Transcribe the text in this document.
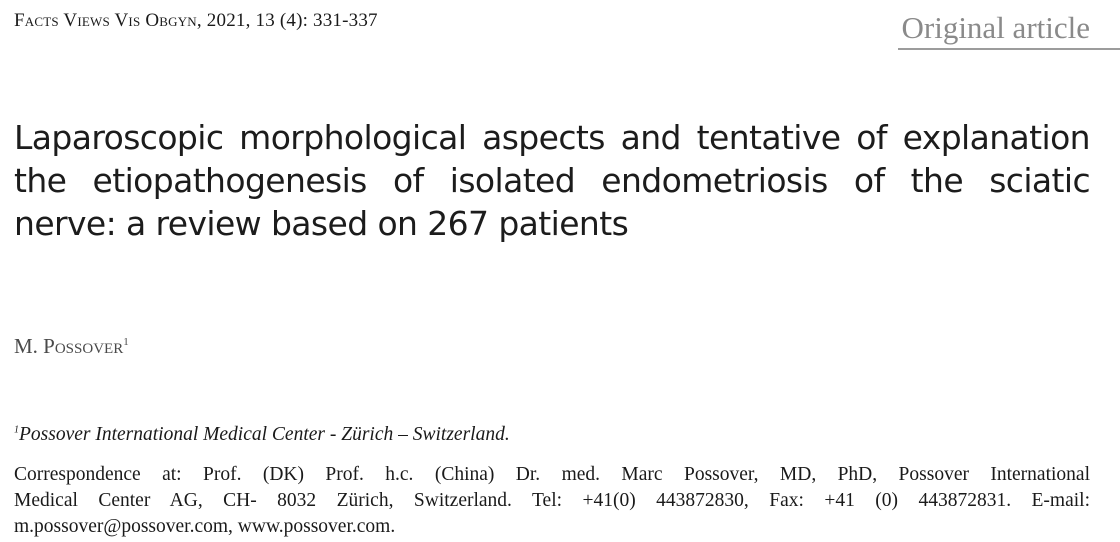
Facts Views Vis Obgyn, 2021, 13 (4): 331-337	Original article
Laparoscopic morphological aspects and tentative of explanation
the etiopathogenesis of isolated endometriosis of the sciatic
nerve: a review based on 267 patients
M. Possover$^1$
$^1$Possover International Medical Center - Zürich – Switzerland.

Correspondence at: Prof. (DK) Prof. h.c. (China) Dr. med. Marc Possover, MD, PhD, Possover International
Medical Center AG, CH- 8032 Zürich, Switzerland. Tel: +41(0) 443872830, Fax: +41 (0) 443872831. E-mail:
m.possover@possover.com, www.possover.com.
